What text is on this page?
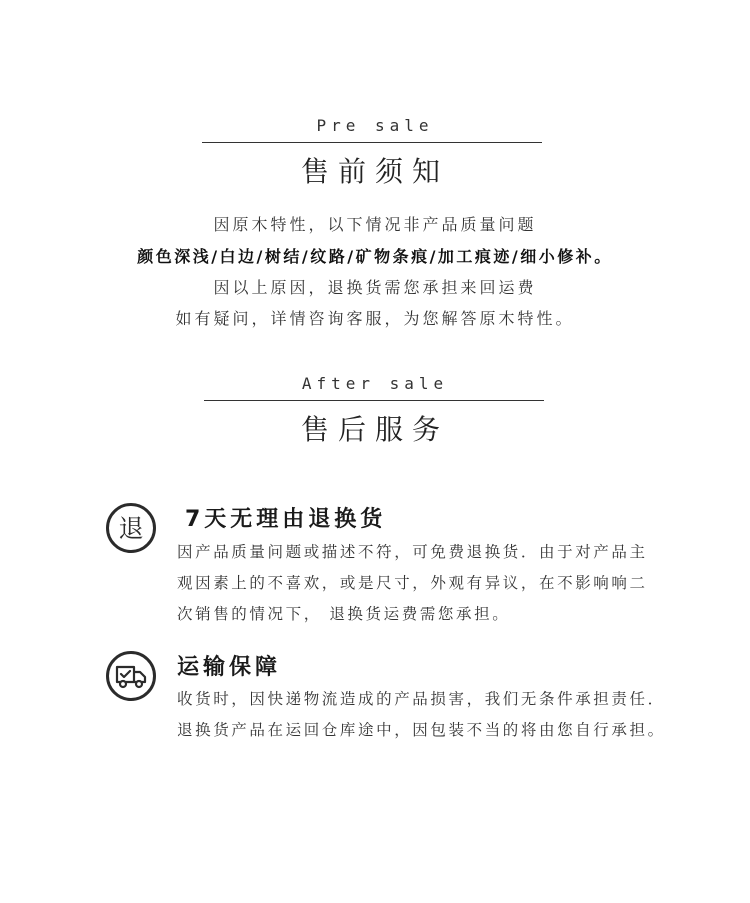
Pre sale
售前须知
因原木特性，以下情况非产品质量问题
颜色深浅/白边/树结/纹路/矿物条痕/加工痕迹/细小修补。
因以上原因，退换货需您承担来回运费
如有疑问，详情咨询客服，为您解答原木特性。
After sale
售后服务
退 7天无理由退换货
因产品质量问题或描述不符，可免费退换货．由于对产品主
观因素上的不喜欢，或是尺寸，外观有异议，在不影响响二
次销售的情况下， 退换货运费需您承担。
运输保障
收货时，因快递物流造成的产品损害，我们无条件承担责任．
退换货产品在运回仓库途中，因包装不当的将由您自行承担。
